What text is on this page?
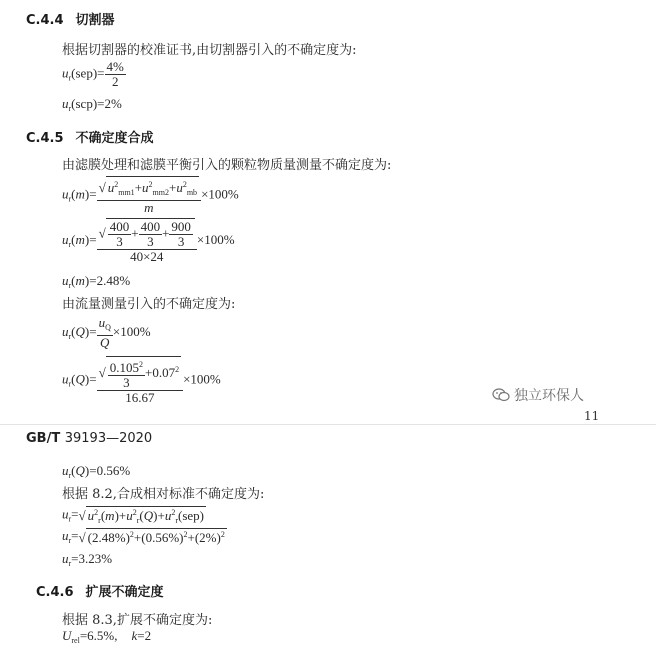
C.4.4 切割器
根据切割器的校准证书,由切割器引入的不确定度为:
$u_r(sep)= \frac{4\%}{2}$
$u_r(scp)=2\%$
C.4.5 不确定度合成
由滤膜处理和滤膜平衡引入的颗粒物质量测量不确定度为:
$u_r(m)= \frac{√ u^2_{mm1}+u^2_{mm2}+u^2_{mb}}{m} \times 100\%$
$u_r(m)= \frac{√ \frac{400}{3} + \frac{400}{3} + \frac{900}{3}}{40\times 24} \times 100\%$
$u_r(m)=2.48\%$
由流量测量引入的不确定度为:
$u_r(Q)= \frac{u_Q}{Q} \times 100\%$
$u_r(Q)= \frac{√ \frac{0.105^2}{3} +0.07^2}{16.67} \times 100\%$
独立环保人
11
GB/T 39193—2020
$u_r(Q)=0.56\%$
根据 8.2,合成相对标准不确定度为:
$u_r=√$ $u^2_r(m)+u^2_r(Q)+u^2_r(sep)$
$u_r=√$ $(2.48\%)^2+(0.56\%)^2+(2\%)^2$
$u_r=3.23\%$
C.4.6 扩展不确定度
根据 8.3,扩展不确定度为:
$U_{rel}=6.5\%$, k=2
